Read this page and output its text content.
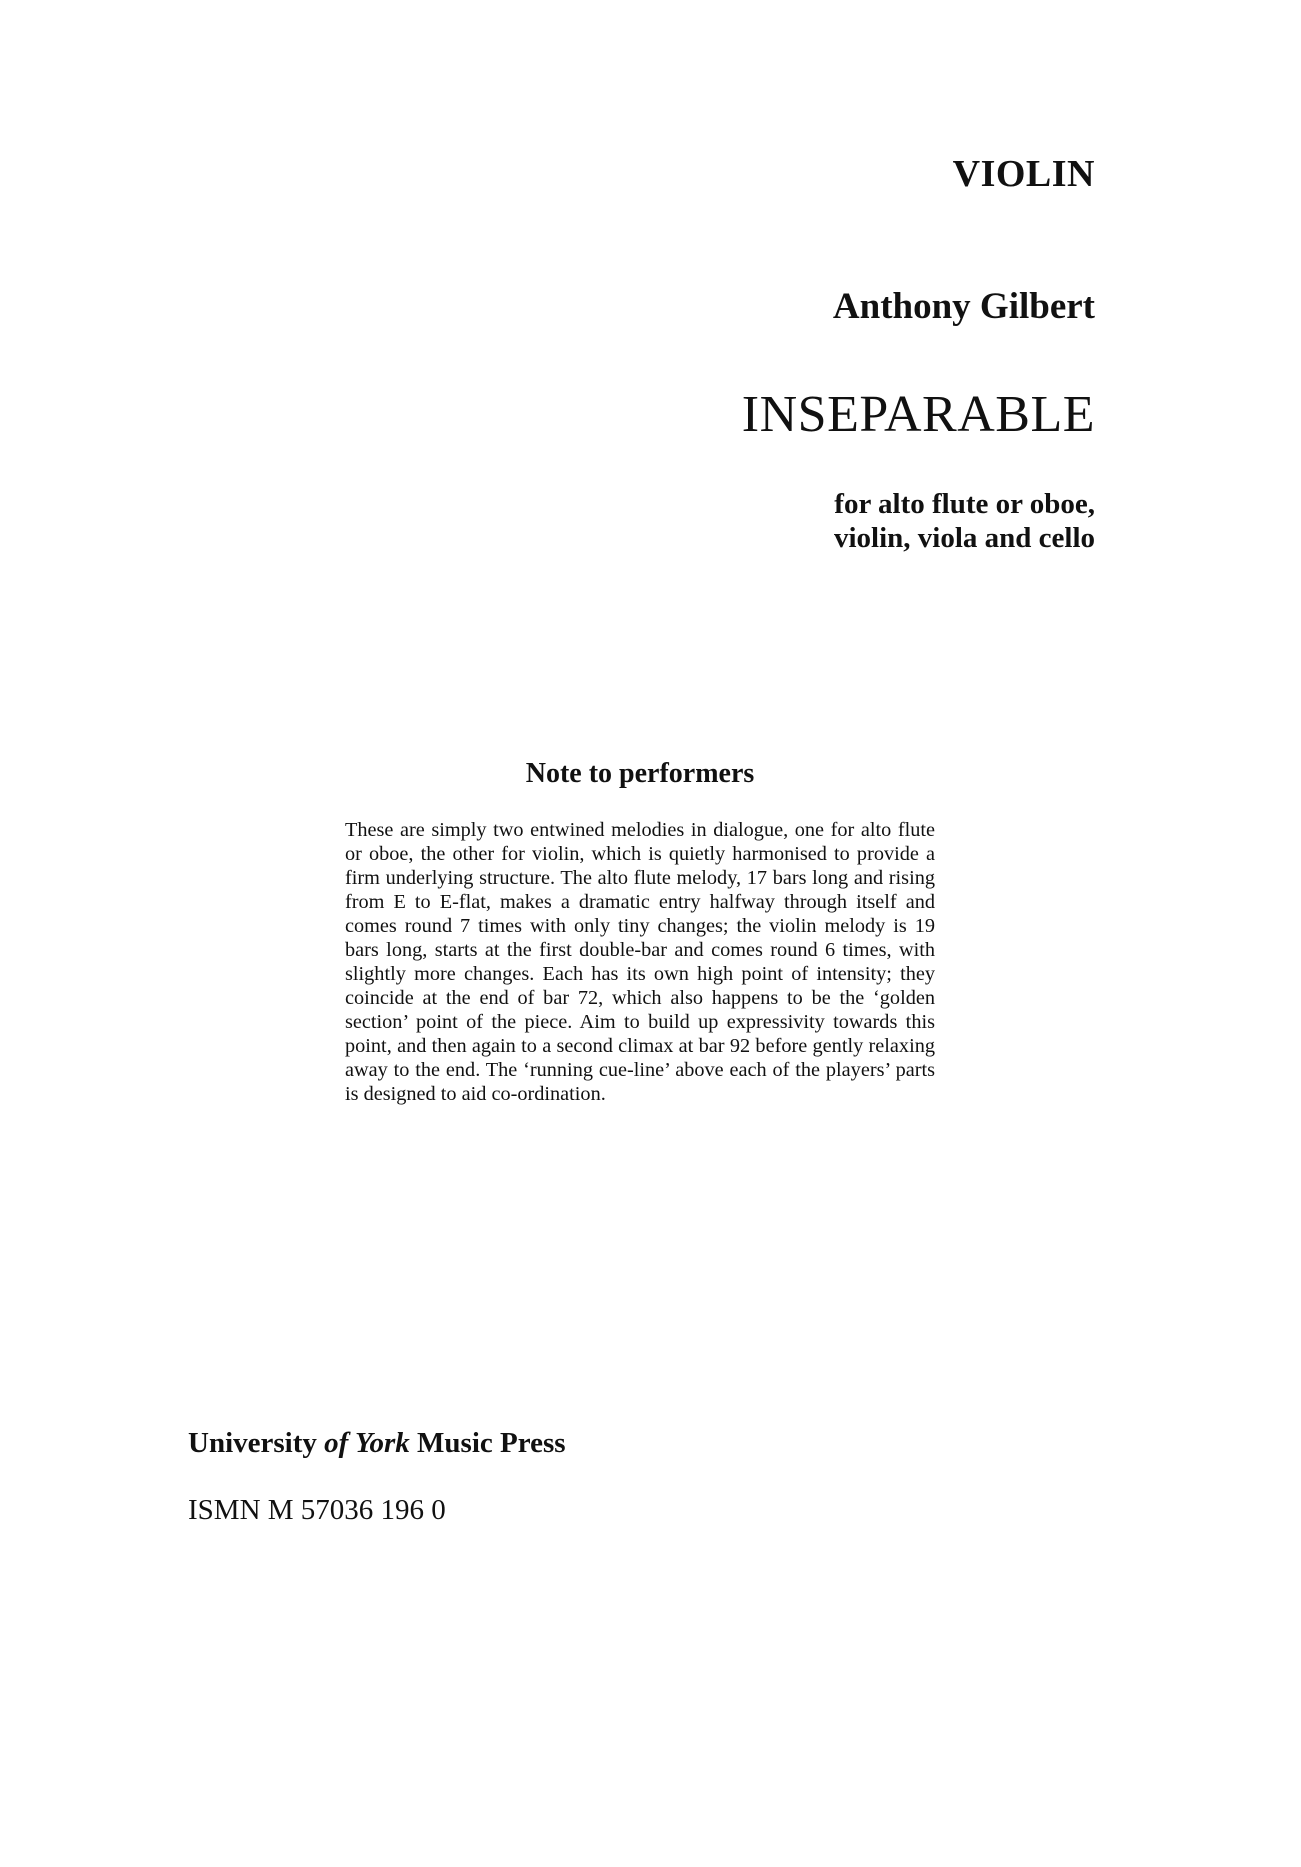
VIOLIN
Anthony Gilbert
INSEPARABLE
for alto flute or oboe,
violin, viola and cello
Note to performers

These are simply two entwined melodies in dialogue, one for alto flute or oboe, the other for violin, which is quietly harmonised to provide a firm underlying structure. The alto flute melody, 17 bars long and rising from E to E-flat, makes a dramatic entry halfway through itself and comes round 7 times with only tiny changes; the violin melody is 19 bars long, starts at the first double-bar and comes round 6 times, with slightly more changes. Each has its own high point of intensity; they coincide at the end of bar 72, which also happens to be the ‘golden section’ point of the piece. Aim to build up expressivity towards this point, and then again to a second climax at bar 92 before gently relaxing away to the end. The ‘running cue-line’ above each of the players’ parts is designed to aid co-ordination.

University of York Music Press
ISMN M 57036 196 0
